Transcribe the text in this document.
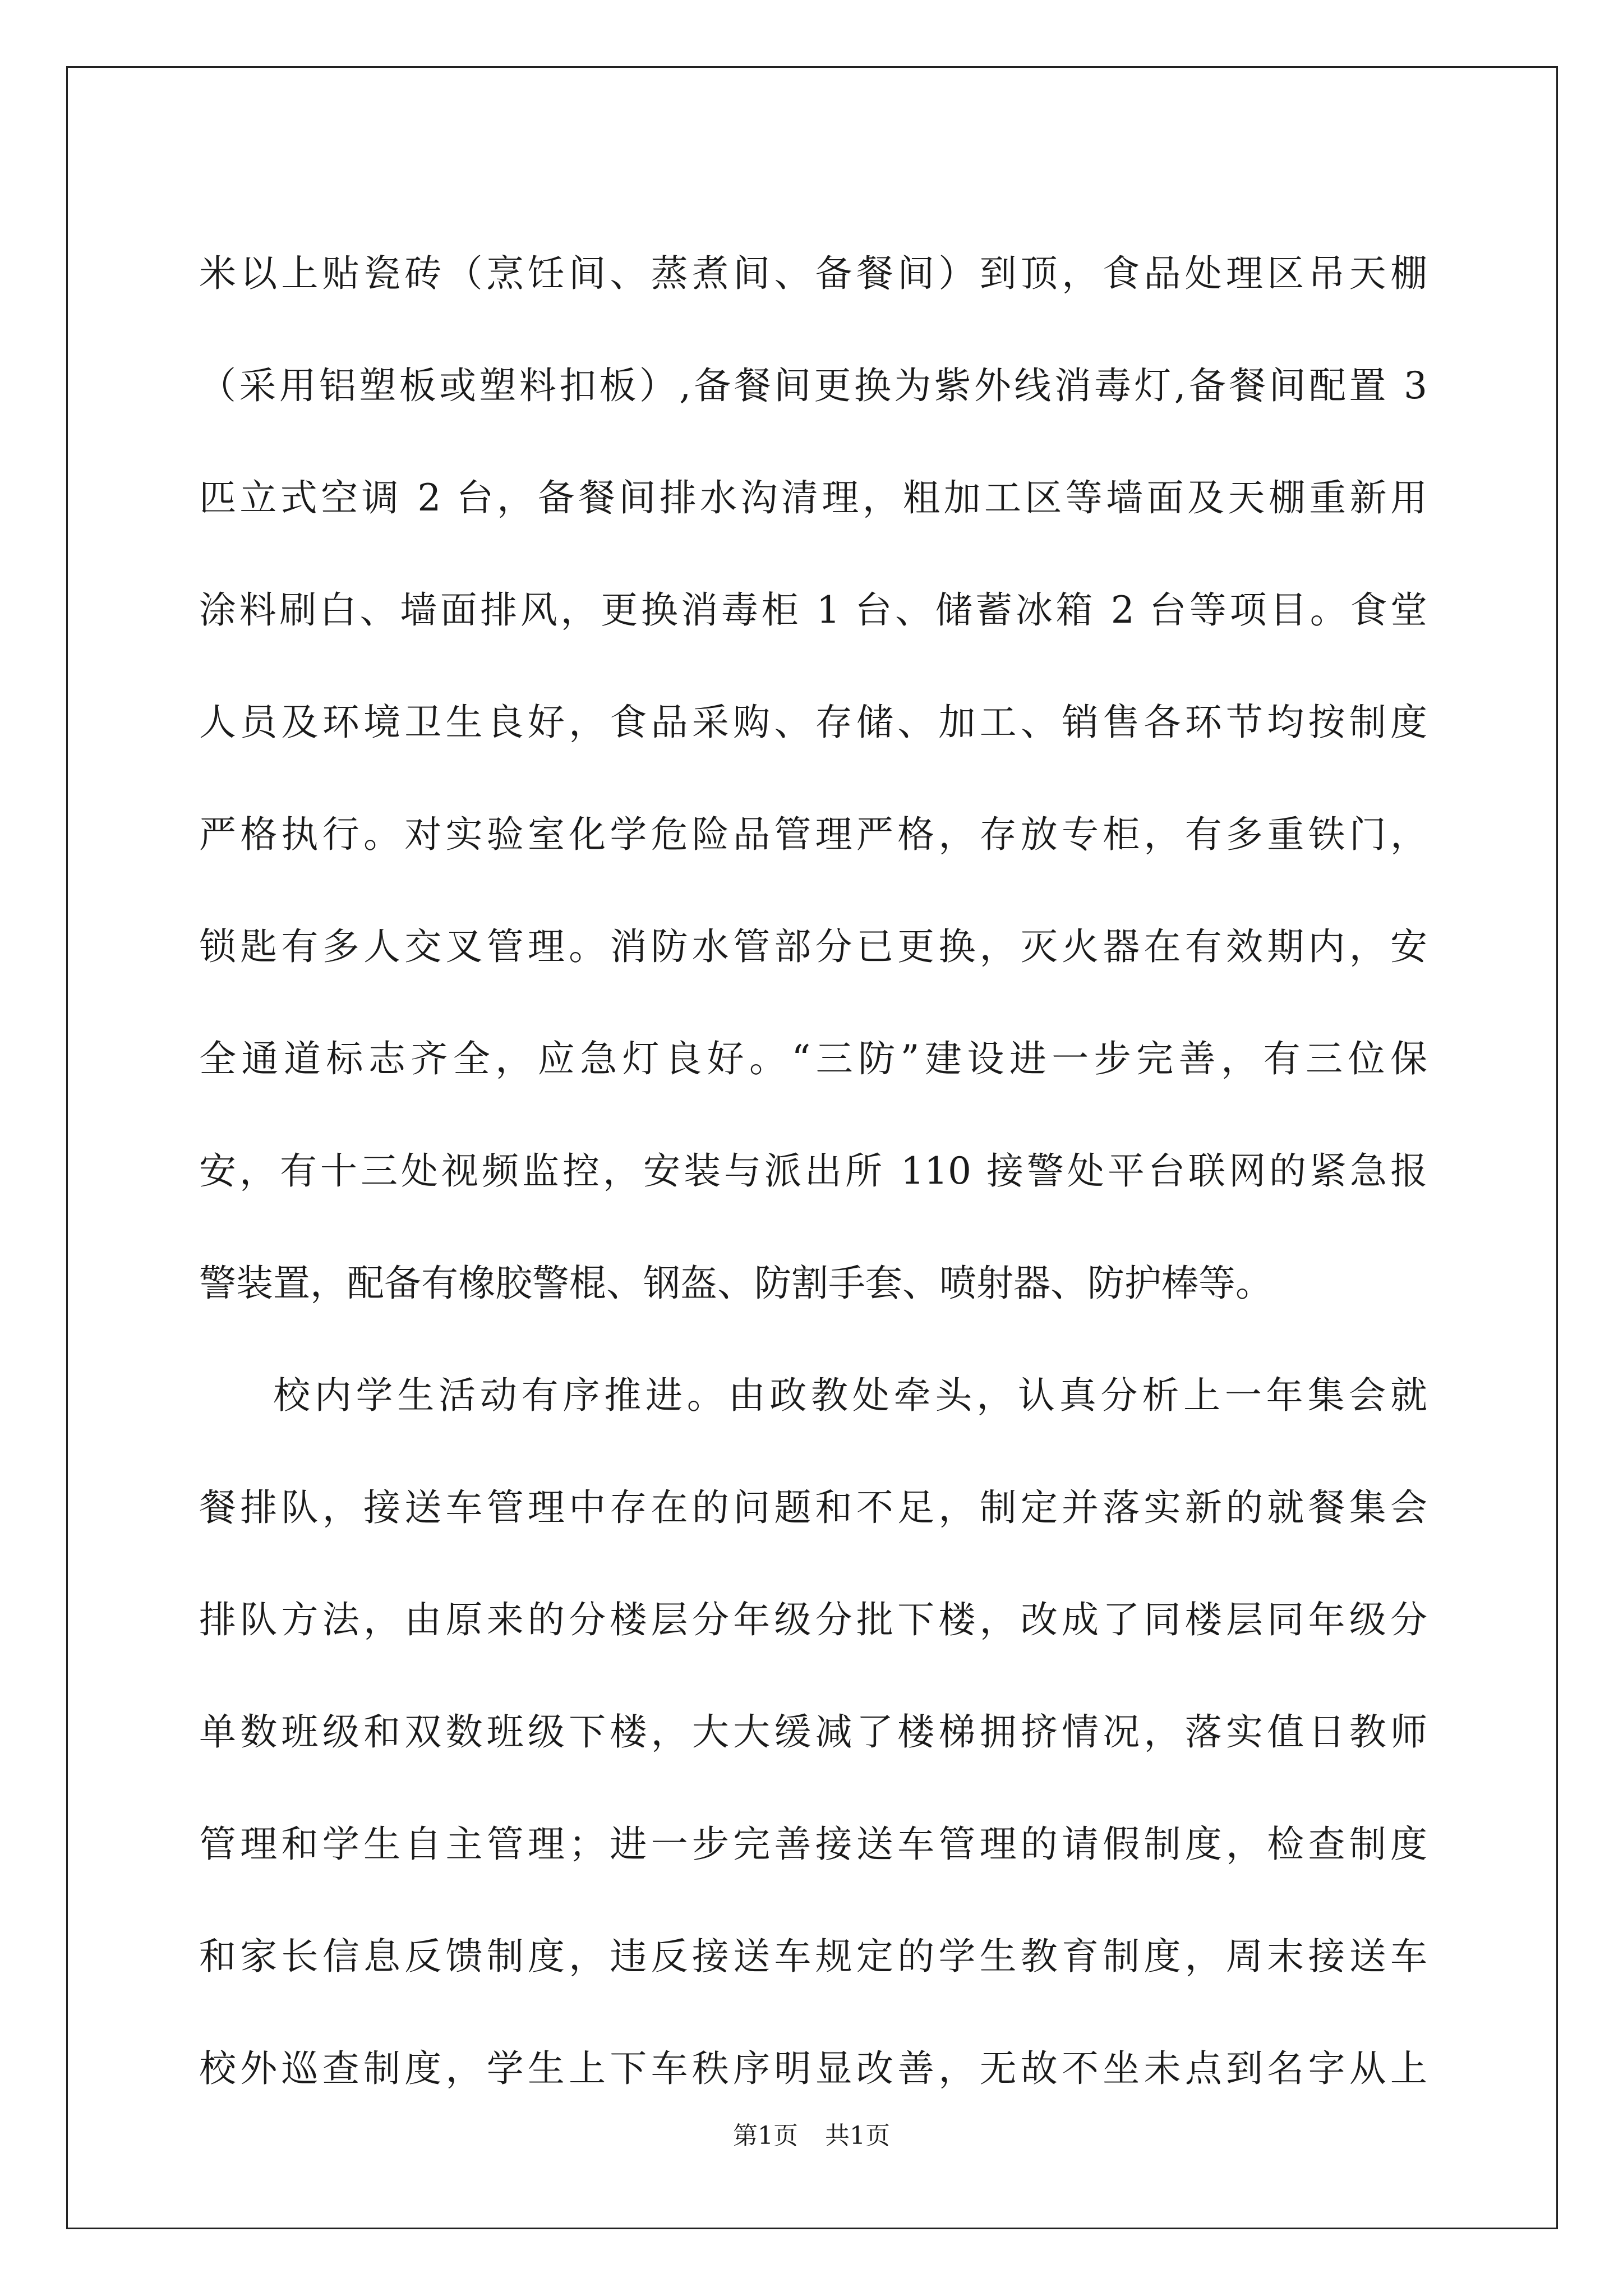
米以上贴瓷砖（烹饪间、蒸煮间、备餐间）到顶，食品处理区吊天棚
（采用铝塑板或塑料扣板）,备餐间更换为紫外线消毒灯,备餐间配置 3
匹立式空调 2 台，备餐间排水沟清理，粗加工区等墙面及天棚重新用
涂料刷白、墙面排风，更换消毒柜 1 台、储蓄冰箱 2 台等项目。食堂
人员及环境卫生良好，食品采购、存储、加工、销售各环节均按制度
严格执行。对实验室化学危险品管理严格，存放专柜，有多重铁门，
锁匙有多人交叉管理。消防水管部分已更换，灭火器在有效期内，安
全通道标志齐全，应急灯良好。“三防”建设进一步完善，有三位保
安，有十三处视频监控，安装与派出所 110 接警处平台联网的紧急报
警装置，配备有橡胶警棍、钢盔、防割手套、喷射器、防护棒等。
校内学生活动有序推进。由政教处牵头，认真分析上一年集会就
餐排队，接送车管理中存在的问题和不足，制定并落实新的就餐集会
排队方法，由原来的分楼层分年级分批下楼，改成了同楼层同年级分
单数班级和双数班级下楼，大大缓减了楼梯拥挤情况，落实值日教师
管理和学生自主管理；进一步完善接送车管理的请假制度，检查制度
和家长信息反馈制度，违反接送车规定的学生教育制度，周末接送车
校外巡查制度，学生上下车秩序明显改善，无故不坐未点到名字从上
第1页 共1页
